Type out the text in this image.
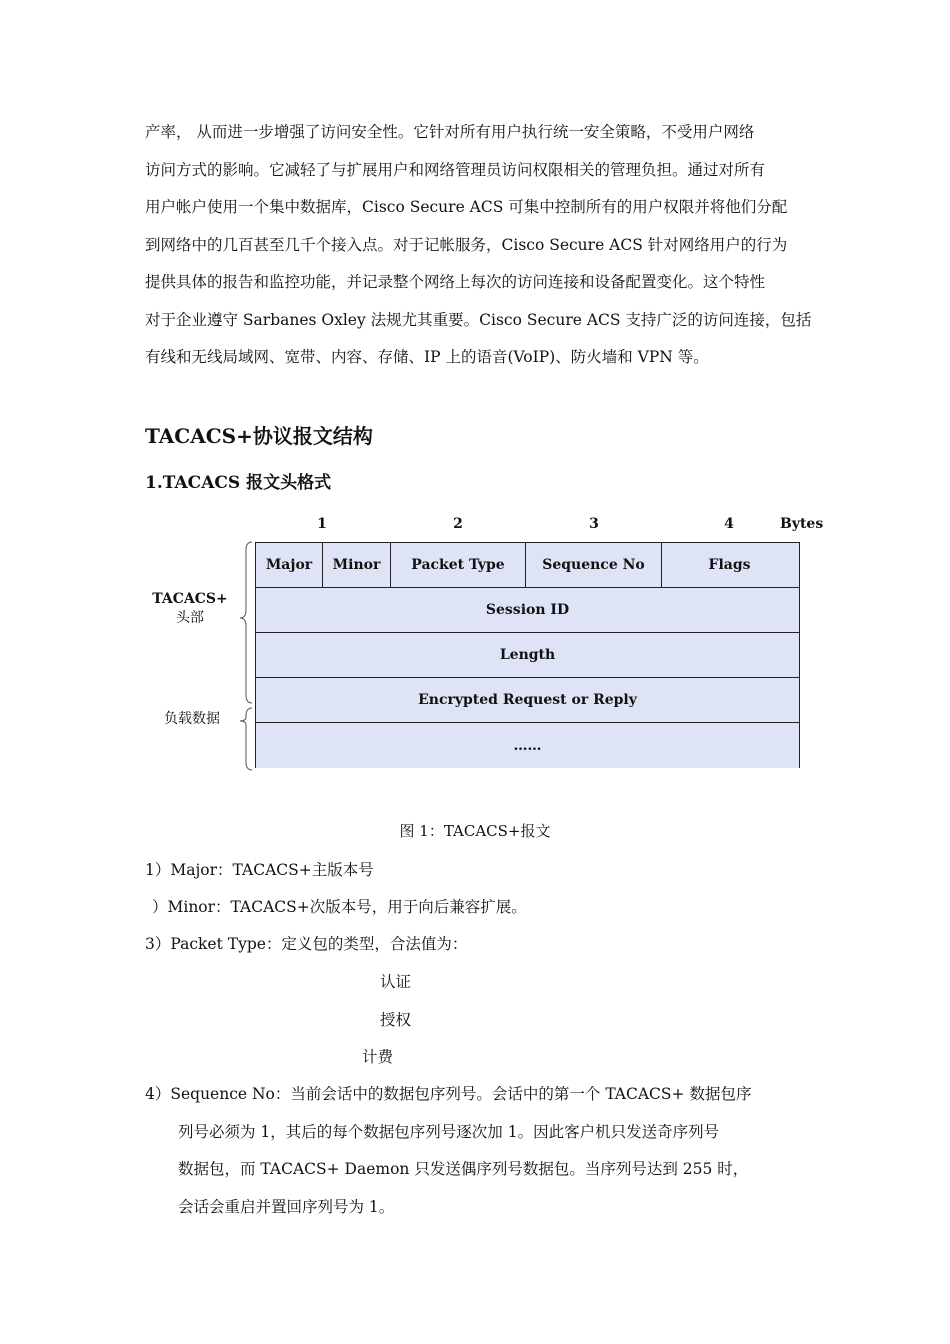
产率， 从而进一步增强了访问安全性。它针对所有用户执行统一安全策略，不受用户网络
访问方式的影响。它减轻了与扩展用户和网络管理员访问权限相关的管理负担。通过对所有
用户帐户使用一个集中数据库，Cisco Secure ACS 可集中控制所有的用户权限并将他们分配
到网络中的几百甚至几千个接入点。对于记帐服务，Cisco Secure ACS 针对网络用户的行为
提供具体的报告和监控功能，并记录整个网络上每次的访问连接和设备配置变化。这个特性
对于企业遵守 Sarbanes Oxley 法规尤其重要。Cisco Secure ACS 支持广泛的访问连接，包括
有线和无线局域网、宽带、内容、存储、IP 上的语音(VoIP)、防火墙和 VPN 等。
TACACS+协议报文结构
1.TACACS 报文头格式
1	2	3	4	Bytes
TACACS+
头部
负载数据
Major	Minor	Packet Type	Sequence No	Flags
Session ID
Length
Encrypted Request or Reply
……
图 1：TACACS+报文
1）Major：TACACS+主版本号
）Minor：TACACS+次版本号，用于向后兼容扩展。
3）Packet Type：定义包的类型，合法值为：
认证
授权
计费
4）Sequence No：当前会话中的数据包序列号。会话中的第一个 TACACS+ 数据包序
列号必须为 1，其后的每个数据包序列号逐次加 1。因此客户机只发送奇序列号
数据包，而 TACACS+ Daemon 只发送偶序列号数据包。当序列号达到 255 时，
会话会重启并置回序列号为 1。
